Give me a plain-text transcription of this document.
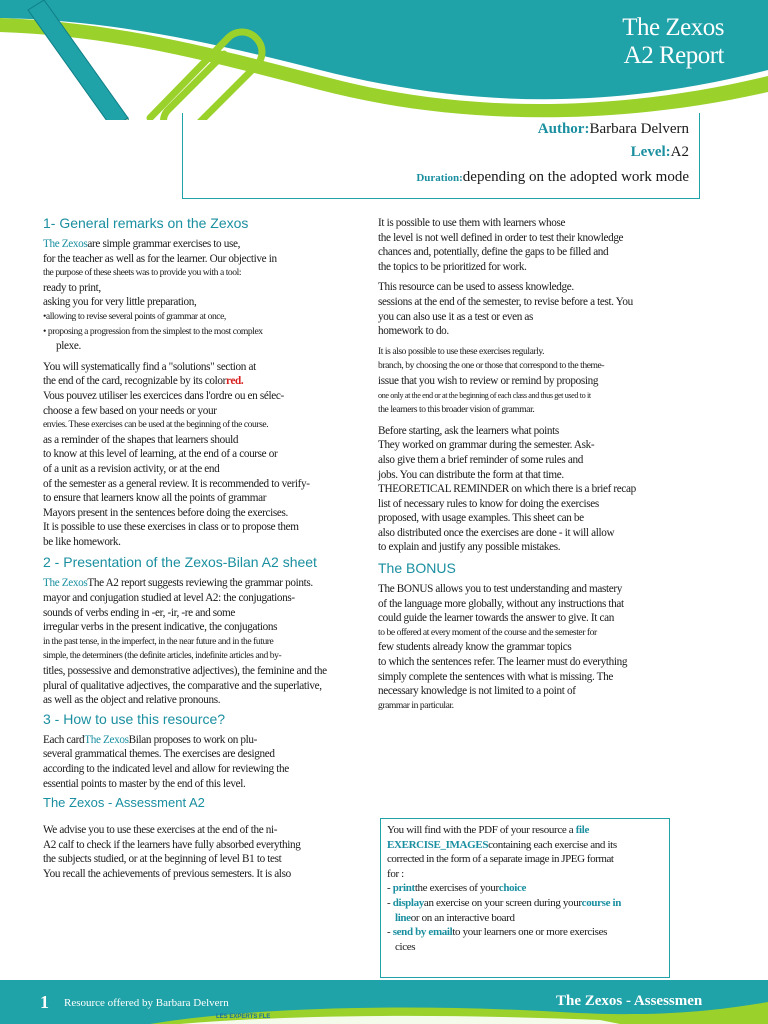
The Zexos
A2 Report
Author:Barbara Delvern
Level:A2
Duration:depending on the adopted work mode
1- General remarks on the Zexos
The Zexosare simple grammar exercises to use,
for the teacher as well as for the learner. Our objective in
the purpose of these sheets was to provide you with a tool:
ready to print,
asking you for very little preparation,
•allowing to revise several points of grammar at once,
• proposing a progression from the simplest to the most complex
plexe.
You will systematically find a "solutions" section at
the end of the card, recognizable by its colorred.
Vous pouvez utiliser les exercices dans l'ordre ou en sélec-
choose a few based on your needs or your
envies. These exercises can be used at the beginning of the course.
as a reminder of the shapes that learners should
to know at this level of learning, at the end of a course or
of a unit as a revision activity, or at the end
of the semester as a general review. It is recommended to verify-
to ensure that learners know all the points of grammar
Mayors present in the sentences before doing the exercises.
It is possible to use these exercises in class or to propose them
be like homework.
2 - Presentation of the Zexos-Bilan A2 sheet
The ZexosThe A2 report suggests reviewing the grammar points.
mayor and conjugation studied at level A2: the conjugations-
sounds of verbs ending in -er, -ir, -re and some
irregular verbs in the present indicative, the conjugations
in the past tense, in the imperfect, in the near future and in the future
simple, the determiners (the definite articles, indefinite articles and by-
titles, possessive and demonstrative adjectives), the feminine and the
plural of qualitative adjectives, the comparative and the superlative,
as well as the object and relative pronouns.
3 - How to use this resource?
Each cardThe ZexosBilan proposes to work on plu-
several grammatical themes. The exercises are designed
according to the indicated level and allow for reviewing the
essential points to master by the end of this level.
The Zexos - Assessment A2
We advise you to use these exercises at the end of the ni-
A2 calf to check if the learners have fully absorbed everything
the subjects studied, or at the beginning of level B1 to test
You recall the achievements of previous semesters. It is also
It is possible to use them with learners whose
the level is not well defined in order to test their knowledge
chances and, potentially, define the gaps to be filled and
the topics to be prioritized for work.
This resource can be used to assess knowledge.
sessions at the end of the semester, to revise before a test. You
you can also use it as a test or even as
homework to do.
It is also possible to use these exercises regularly.
branch, by choosing the one or those that correspond to the theme-
issue that you wish to review or remind by proposing
one only at the end or at the beginning of each class and thus get used to it
the learners to this broader vision of grammar.
Before starting, ask the learners what points
They worked on grammar during the semester. Ask-
also give them a brief reminder of some rules and
jobs. You can distribute the form at that time.
THEORETICAL REMINDER on which there is a brief recap
list of necessary rules to know for doing the exercises
proposed, with usage examples. This sheet can be
also distributed once the exercises are done - it will allow
to explain and justify any possible mistakes.
The BONUS
The BONUS allows you to test understanding and mastery
of the language more globally, without any instructions that
could guide the learner towards the answer to give. It can
to be offered at every moment of the course and the semester for
few students already know the grammar topics
to which the sentences refer. The learner must do everything
simply complete the sentences with what is missing. The
necessary knowledge is not limited to a point of
grammar in particular.
You will find with the PDF of your resource a file
EXERCISE_IMAGEScontaining each exercise and its
corrected in the form of a separate image in JPEG format
for :
- printthe exercises of yourchoice
- displayan exercise on your screen during yourcourse in
lineor on an interactive board
- send by emailto your learners one or more exercises
cices
1 Resource offered by Barbara Delvern	The Zexos - Assessmen
LES EXPERTS FLE
